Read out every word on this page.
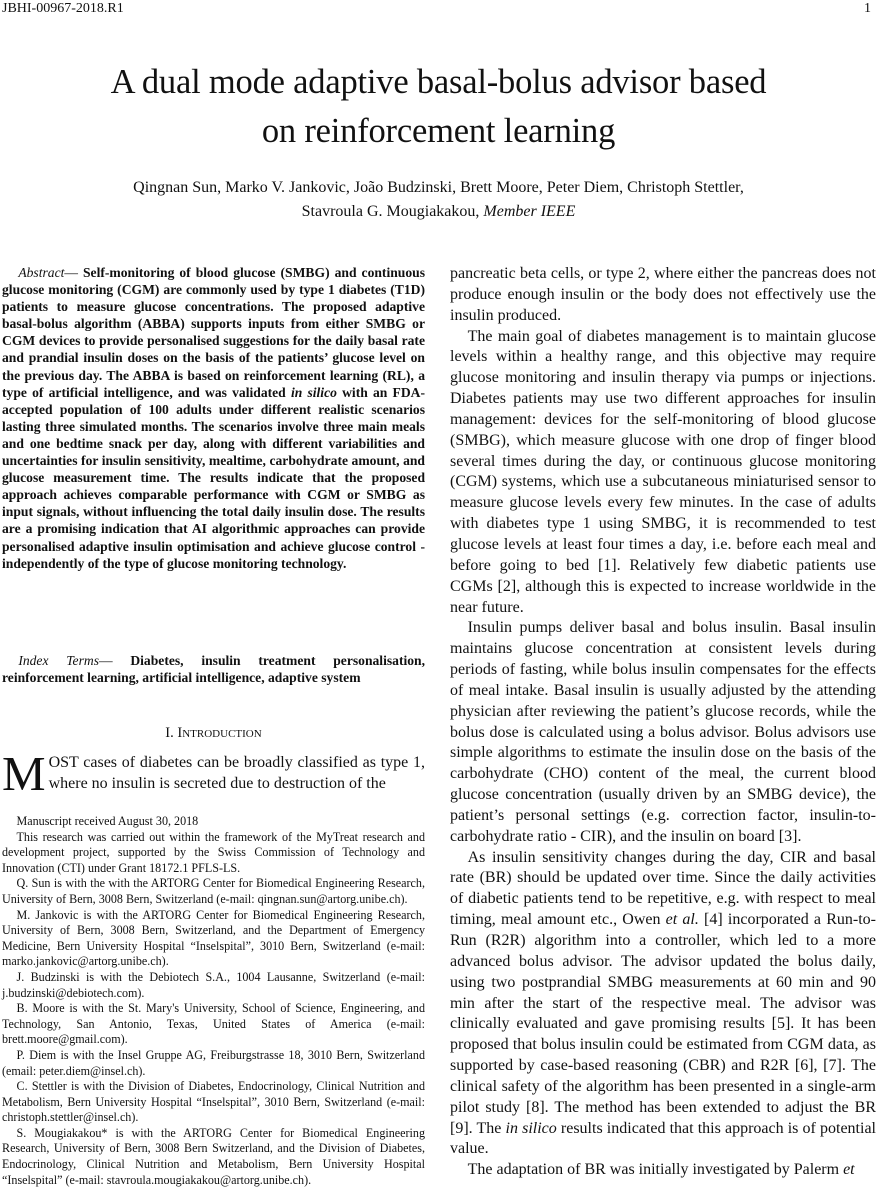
JBHI-00967-2018.R1	1
A dual mode adaptive basal-bolus advisor based
on reinforcement learning
Qingnan Sun, Marko V. Jankovic, João Budzinski, Brett Moore, Peter Diem, Christoph Stettler,
Stavroula G. Mougiakakou, Member IEEE

Abstract— Self-monitoring of blood glucose (SMBG) and continuous glucose monitoring (CGM) are commonly used by type 1 diabetes (T1D) patients to measure glucose concentrations. The proposed adaptive basal-bolus algorithm (ABBA) supports inputs from either SMBG or CGM devices to provide personalised suggestions for the daily basal rate and prandial insulin doses on the basis of the patients’ glucose level on the previous day. The ABBA is based on reinforcement learning (RL), a type of artificial intelligence, and was validated in silico with an FDA-accepted population of 100 adults under different realistic scenarios lasting three simulated months. The scenarios involve three main meals and one bedtime snack per day, along with different variabilities and uncertainties for insulin sensitivity, mealtime, carbohydrate amount, and glucose measurement time. The results indicate that the proposed approach achieves comparable performance with CGM or SMBG as input signals, without influencing the total daily insulin dose. The results are a promising indication that AI algorithmic approaches can provide personalised adaptive insulin optimisation and achieve glucose control - independently of the type of glucose monitoring technology.

Index Terms— Diabetes, insulin treatment personalisation, reinforcement learning, artificial intelligence, adaptive system

I. INTRODUCTION
MOST cases of diabetes can be broadly classified as type 1, where no insulin is secreted due to destruction of the

Manuscript received August 30, 2018

This research was carried out within the framework of the MyTreat research and development project, supported by the Swiss Commission of Technology and Innovation (CTI) under Grant 18172.1 PFLS-LS.

Q. Sun is with the with the ARTORG Center for Biomedical Engineering Research, University of Bern, 3008 Bern, Switzerland (e-mail: qingnan.sun@artorg.unibe.ch).

M. Jankovic is with the ARTORG Center for Biomedical Engineering Research, University of Bern, 3008 Bern, Switzerland, and the Department of Emergency Medicine, Bern University Hospital “Inselspital”, 3010 Bern, Switzerland (e-mail: marko.jankovic@artorg.unibe.ch).

J. Budzinski is with the Debiotech S.A., 1004 Lausanne, Switzerland (e-mail: j.budzinski@debiotech.com).

B. Moore is with the St. Mary's University, School of Science, Engineering, and Technology, San Antonio, Texas, United States of America (e-mail: brett.moore@gmail.com).

P. Diem is with the Insel Gruppe AG, Freiburgstrasse 18, 3010 Bern, Switzerland (email: peter.diem@insel.ch).

C. Stettler is with the Division of Diabetes, Endocrinology, Clinical Nutrition and Metabolism, Bern University Hospital “Inselspital”, 3010 Bern, Switzerland (e-mail: christoph.stettler@insel.ch).

S. Mougiakakou* is with the ARTORG Center for Biomedical Engineering Research, University of Bern, 3008 Bern Switzerland, and the Division of Diabetes, Endocrinology, Clinical Nutrition and Metabolism, Bern University Hospital “Inselspital” (e-mail: stavroula.mougiakakou@artorg.unibe.ch).

pancreatic beta cells, or type 2, where either the pancreas does not produce enough insulin or the body does not effectively use the insulin produced.

The main goal of diabetes management is to maintain glucose levels within a healthy range, and this objective may require glucose monitoring and insulin therapy via pumps or injections. Diabetes patients may use two different approaches for insulin management: devices for the self-monitoring of blood glucose (SMBG), which measure glucose with one drop of finger blood several times during the day, or continuous glucose monitoring (CGM) systems, which use a subcutaneous miniaturised sensor to measure glucose levels every few minutes. In the case of adults with diabetes type 1 using SMBG, it is recommended to test glucose levels at least four times a day, i.e. before each meal and before going to bed [1]. Relatively few diabetic patients use CGMs [2], although this is expected to increase worldwide in the near future.

Insulin pumps deliver basal and bolus insulin. Basal insulin maintains glucose concentration at consistent levels during periods of fasting, while bolus insulin compensates for the effects of meal intake. Basal insulin is usually adjusted by the attending physician after reviewing the patient’s glucose records, while the bolus dose is calculated using a bolus advisor. Bolus advisors use simple algorithms to estimate the insulin dose on the basis of the carbohydrate (CHO) content of the meal, the current blood glucose concentration (usually driven by an SMBG device), the patient’s personal settings (e.g. correction factor, insulin-to-carbohydrate ratio - CIR), and the insulin on board [3].

As insulin sensitivity changes during the day, CIR and basal rate (BR) should be updated over time. Since the daily activities of diabetic patients tend to be repetitive, e.g. with respect to meal timing, meal amount etc., Owen et al. [4] incorporated a Run-to-Run (R2R) algorithm into a controller, which led to a more advanced bolus advisor. The advisor updated the bolus daily, using two postprandial SMBG measurements at 60 min and 90 min after the start of the respective meal. The advisor was clinically evaluated and gave promising results [5]. It has been proposed that bolus insulin could be estimated from CGM data, as supported by case-based reasoning (CBR) and R2R [6], [7]. The clinical safety of the algorithm has been presented in a single-arm pilot study [8]. The method has been extended to adjust the BR [9]. The in silico results indicated that this approach is of potential value.

The adaptation of BR was initially investigated by Palerm et
